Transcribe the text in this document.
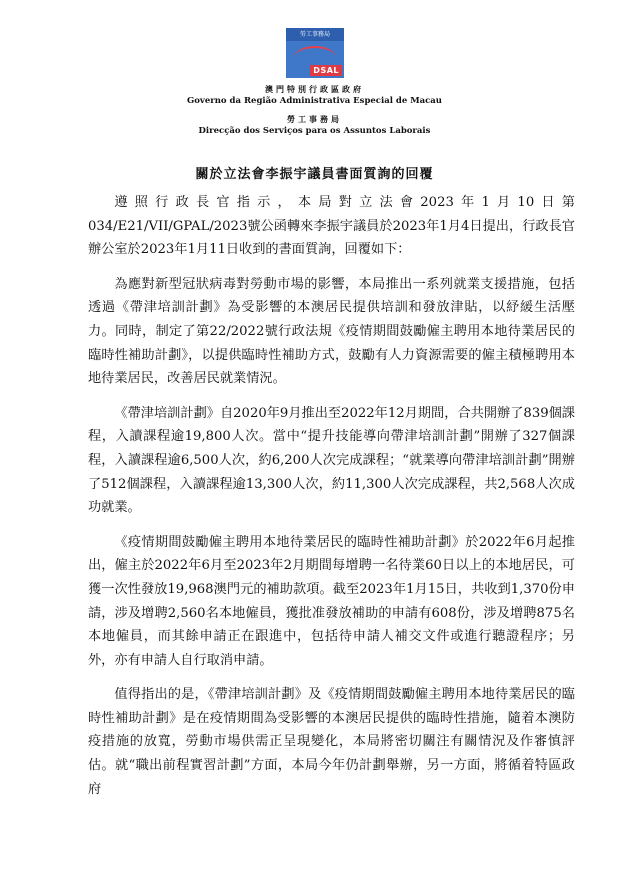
勞工事務局
DSAL
澳門特別行政區政府
Governo da Região Administrativa Especial de Macau
勞工事務局
Direcção dos Serviços para os Assuntos Laborais
關於立法會李振宇議員書面質詢的回覆

遵照行政長官指示，本局對立法會2023年1月10日第034/E21/VII/GPAL/2023號公函轉來李振宇議員於2023年1月4日提出，行政長官辦公室於2023年1月11日收到的書面質詢，回覆如下：

為應對新型冠狀病毒對勞動市場的影響，本局推出一系列就業支援措施，包括透過《帶津培訓計劃》為受影響的本澳居民提供培訓和發放津貼，以紓緩生活壓力。同時，制定了第22/2022號行政法規《疫情期間鼓勵僱主聘用本地待業居民的臨時性補助計劃》，以提供臨時性補助方式，鼓勵有人力資源需要的僱主積極聘用本地待業居民，改善居民就業情況。

《帶津培訓計劃》自2020年9月推出至2022年12月期間，合共開辦了839個課程，入讀課程逾19,800人次。當中“提升技能導向帶津培訓計劃”開辦了327個課程，入讀課程逾6,500人次，約6,200人次完成課程；“就業導向帶津培訓計劃”開辦了512個課程，入讀課程逾13,300人次，約11,300人次完成課程，共2,568人次成功就業。

《疫情期間鼓勵僱主聘用本地待業居民的臨時性補助計劃》於2022年6月起推出，僱主於2022年6月至2023年2月期間每增聘一名待業60日以上的本地居民，可獲一次性發放19,968澳門元的補助款項。截至2023年1月15日，共收到1,370份申請，涉及增聘2,560名本地僱員，獲批准發放補助的申請有608份，涉及增聘875名本地僱員，而其餘申請正在跟進中，包括待申請人補交文件或進行聽證程序；另外，亦有申請人自行取消申請。

值得指出的是，《帶津培訓計劃》及《疫情期間鼓勵僱主聘用本地待業居民的臨時性補助計劃》是在疫情期間為受影響的本澳居民提供的臨時性措施，隨着本澳防疫措施的放寬，勞動市場供需正呈現變化，本局將密切關注有關情況及作審慎評估。就“職出前程實習計劃”方面，本局今年仍計劃舉辦，另一方面，將循着特區政府
